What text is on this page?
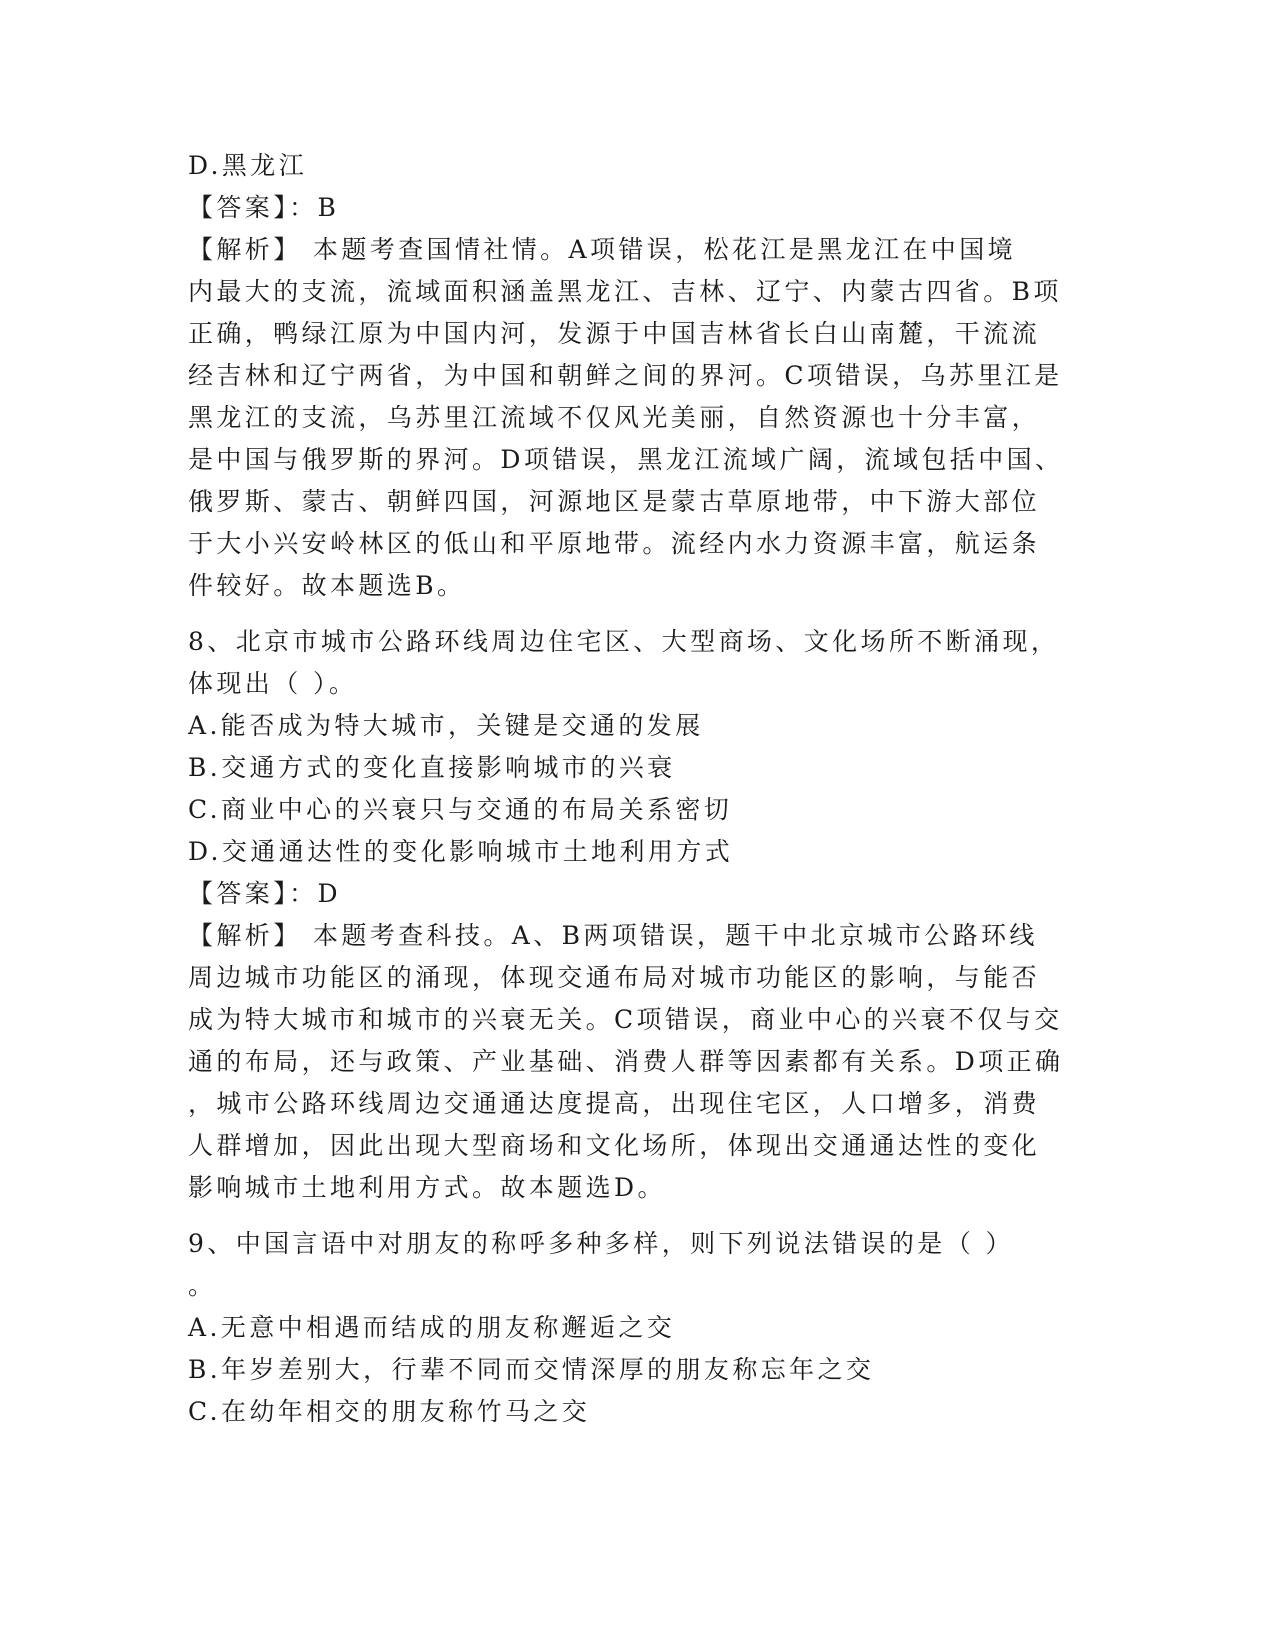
D.黑龙江
【答案】：B
【解析】 本题考查国情社情。A项错误，松花江是黑龙江在中国境
内最大的支流，流域面积涵盖黑龙江、吉林、辽宁、内蒙古四省。B项
正确，鸭绿江原为中国内河，发源于中国吉林省长白山南麓，干流流
经吉林和辽宁两省，为中国和朝鲜之间的界河。C项错误，乌苏里江是
黑龙江的支流，乌苏里江流域不仅风光美丽，自然资源也十分丰富，
是中国与俄罗斯的界河。D项错误，黑龙江流域广阔，流域包括中国、
俄罗斯、蒙古、朝鲜四国，河源地区是蒙古草原地带，中下游大部位
于大小兴安岭林区的低山和平原地带。流经内水力资源丰富，航运条
件较好。故本题选B。
8、北京市城市公路环线周边住宅区、大型商场、文化场所不断涌现，
体现出（ ）。
A.能否成为特大城市，关键是交通的发展
B.交通方式的变化直接影响城市的兴衰
C.商业中心的兴衰只与交通的布局关系密切
D.交通通达性的变化影响城市土地利用方式
【答案】：D
【解析】 本题考查科技。A、B两项错误，题干中北京城市公路环线
周边城市功能区的涌现，体现交通布局对城市功能区的影响，与能否
成为特大城市和城市的兴衰无关。C项错误，商业中心的兴衰不仅与交
通的布局，还与政策、产业基础、消费人群等因素都有关系。D项正确
，城市公路环线周边交通通达度提高，出现住宅区，人口增多，消费
人群增加，因此出现大型商场和文化场所，体现出交通通达性的变化
影响城市土地利用方式。故本题选D。
9、中国言语中对朋友的称呼多种多样，则下列说法错误的是（ ）
。
A.无意中相遇而结成的朋友称邂逅之交
B.年岁差别大，行辈不同而交情深厚的朋友称忘年之交
C.在幼年相交的朋友称竹马之交
